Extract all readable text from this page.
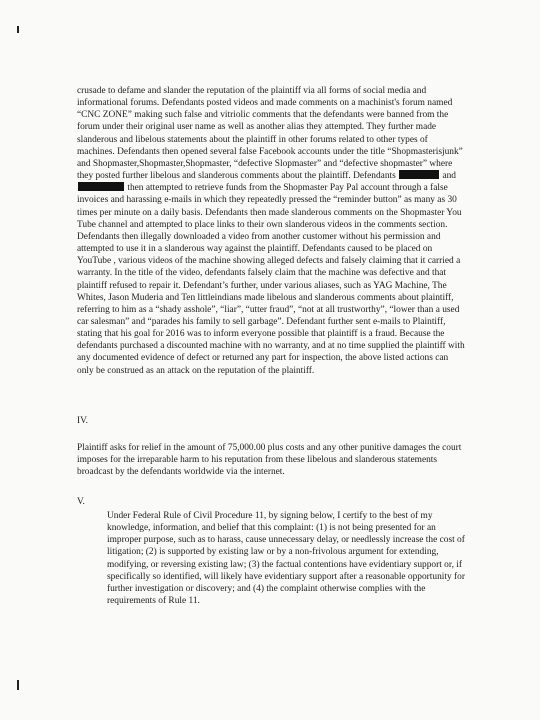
crusade to defame and slander the reputation of the plaintiff via all forms of social media and informational forums. Defendants posted videos and made comments on a machinist's forum named “CNC ZONE” making such false and vitriolic comments that the defendants were banned from the forum under their original user name as well as another alias they attempted. They further made slanderous and libelous statements about the plaintiff in other forums related to other types of machines. Defendants then opened several false Facebook accounts under the title “Shopmasterisjunk” and Shopmaster,Shopmaster,Shopmaster, “defective Slopmaster” and “defective shopmaster” where they posted further libelous and slanderous comments about the plaintiff. Defendants	and  then attempted to retrieve funds from the Shopmaster Pay Pal account through a false invoices and harassing e-mails in which they repeatedly pressed the “reminder button” as many as 30 times per minute on a daily basis. Defendants then made slanderous comments on the Shopmaster You Tube channel and attempted to place links to their own slanderous videos in the comments section. Defendants then illegally downloaded a video from another customer without his permission and attempted to use it in a slanderous way against the plaintiff. Defendants caused to be placed on YouTube , various videos of the machine showing alleged defects and falsely claiming that it carried a warranty. In the title of the video, defendants falsely claim that the machine was defective and that plaintiff refused to repair it. Defendant’s further, under various aliases, such as YAG Machine, The Whites, Jason Muderia and Ten littleindians made libelous and slanderous comments about plaintiff, referring to him as a “shady asshole”, “liar”, “utter fraud”, “not at all trustworthy”, “lower than a used car salesman” and “parades his family to sell garbage”. Defendant further sent e-mails to Plaintiff, stating that his goal for 2016 was to inform everyone possible that plaintiff is a fraud. Because the defendants purchased a discounted machine with no warranty, and at no time supplied the plaintiff with any documented evidence of defect or returned any part for inspection, the above listed actions can only be construed as an attack on the reputation of the plaintiff.
IV.
Plaintiff asks for relief in the amount of 75,000.00 plus costs and any other punitive damages the court imposes for the irreparable harm to his reputation from these libelous and slanderous statements broadcast by the defendants worldwide via the internet.
V.
Under Federal Rule of Civil Procedure 11, by signing below, I certify to the best of my knowledge, information, and belief that this complaint: (1) is not being presented for an improper purpose, such as to harass, cause unnecessary delay, or needlessly increase the cost of litigation; (2) is supported by existing law or by a non-frivolous argument for extending, modifying, or reversing existing law; (3) the factual contentions have evidentiary support or, if specifically so identified, will likely have evidentiary support after a reasonable opportunity for further investigation or discovery; and (4) the complaint otherwise complies with the requirements of Rule 11.
